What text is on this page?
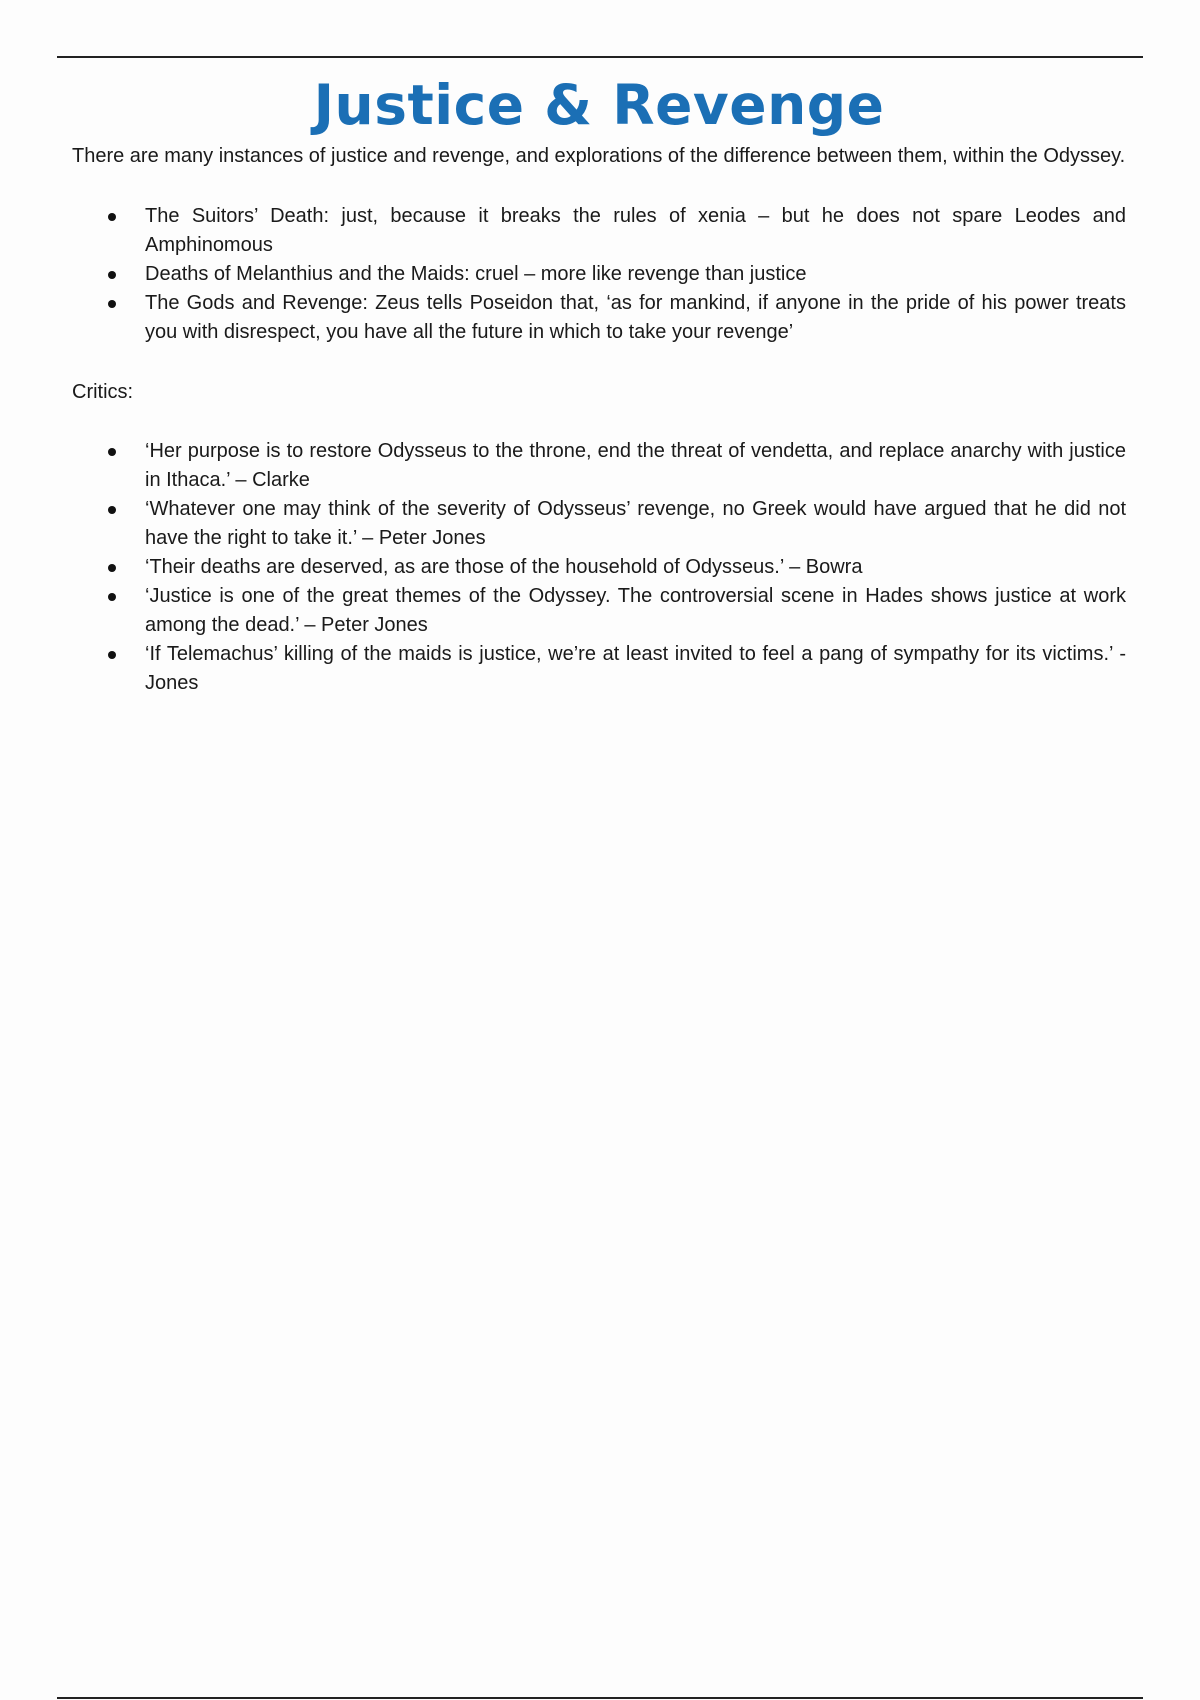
Justice & Revenge

There are many instances of justice and revenge, and explorations of the difference between them, within the Odyssey.

The Suitors’ Death: just, because it breaks the rules of xenia – but he does not spare Leodes and Amphinomous
Deaths of Melanthius and the Maids: cruel – more like revenge than justice
The Gods and Revenge: Zeus tells Poseidon that, ‘as for mankind, if anyone in the pride of his power treats you with disrespect, you have all the future in which to take your revenge’

Critics:

‘Her purpose is to restore Odysseus to the throne, end the threat of vendetta, and replace anarchy with justice in Ithaca.’ – Clarke
‘Whatever one may think of the severity of Odysseus’ revenge, no Greek would have argued that he did not have the right to take it.’ – Peter Jones
‘Their deaths are deserved, as are those of the household of Odysseus.’ – Bowra
‘Justice is one of the great themes of the Odyssey. The controversial scene in Hades shows justice at work among the dead.’ – Peter Jones
‘If Telemachus’ killing of the maids is justice, we’re at least invited to feel a pang of sympathy for its victims.’ - Jones
